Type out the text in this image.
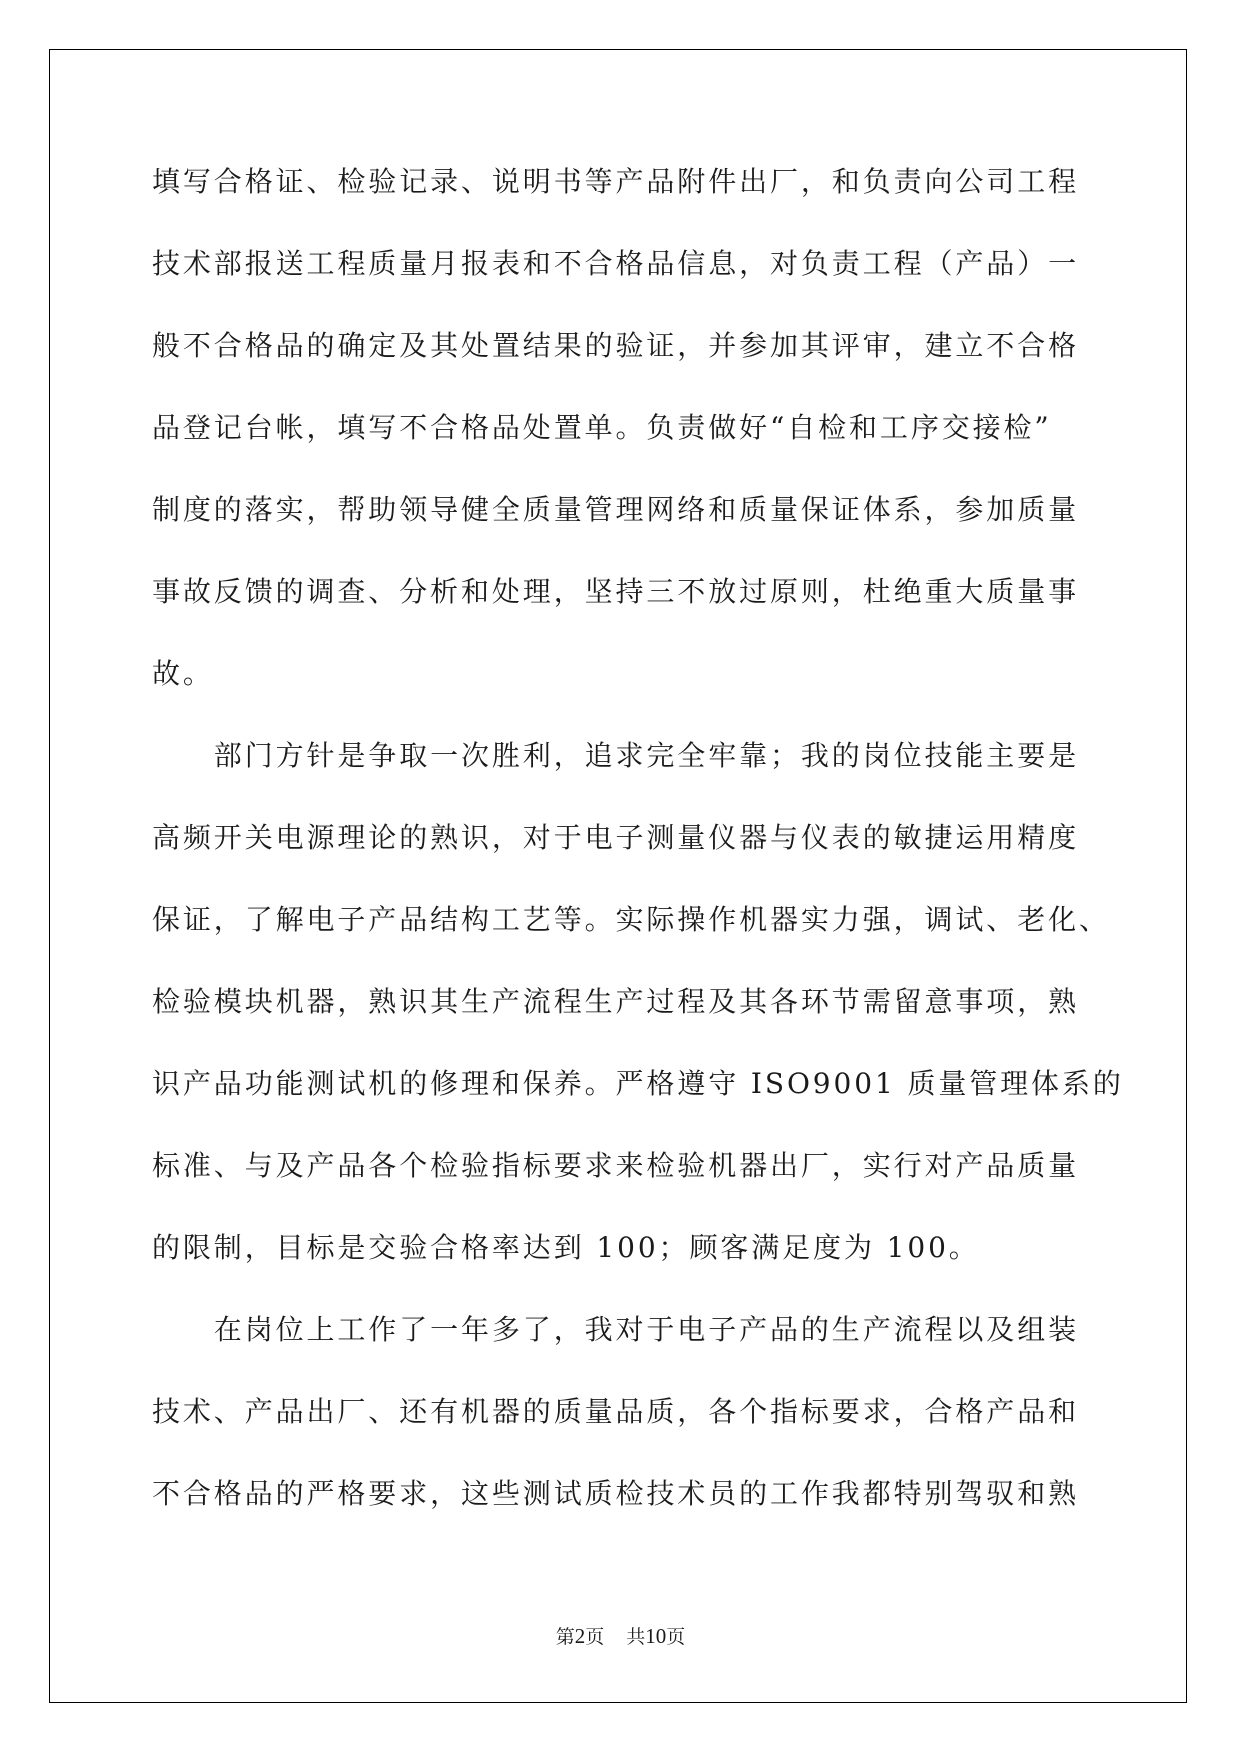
填写合格证、检验记录、说明书等产品附件出厂，和负责向公司工程
技术部报送工程质量月报表和不合格品信息，对负责工程（产品）一
般不合格品的确定及其处置结果的验证，并参加其评审，建立不合格
品登记台帐，填写不合格品处置单。负责做好“自检和工序交接检”
制度的落实，帮助领导健全质量管理网络和质量保证体系，参加质量
事故反馈的调查、分析和处理，坚持三不放过原则，杜绝重大质量事
故。
　　部门方针是争取一次胜利，追求完全牢靠；我的岗位技能主要是
高频开关电源理论的熟识，对于电子测量仪器与仪表的敏捷运用精度
保证，了解电子产品结构工艺等。实际操作机器实力强，调试、老化、
检验模块机器，熟识其生产流程生产过程及其各环节需留意事项，熟
识产品功能测试机的修理和保养。严格遵守 ISO9001 质量管理体系的
标准、与及产品各个检验指标要求来检验机器出厂，实行对产品质量
的限制，目标是交验合格率达到 100；顾客满足度为 100。
　　在岗位上工作了一年多了，我对于电子产品的生产流程以及组装
技术、产品出厂、还有机器的质量品质，各个指标要求，合格产品和
不合格品的严格要求，这些测试质检技术员的工作我都特别驾驭和熟
第2页 共10页
